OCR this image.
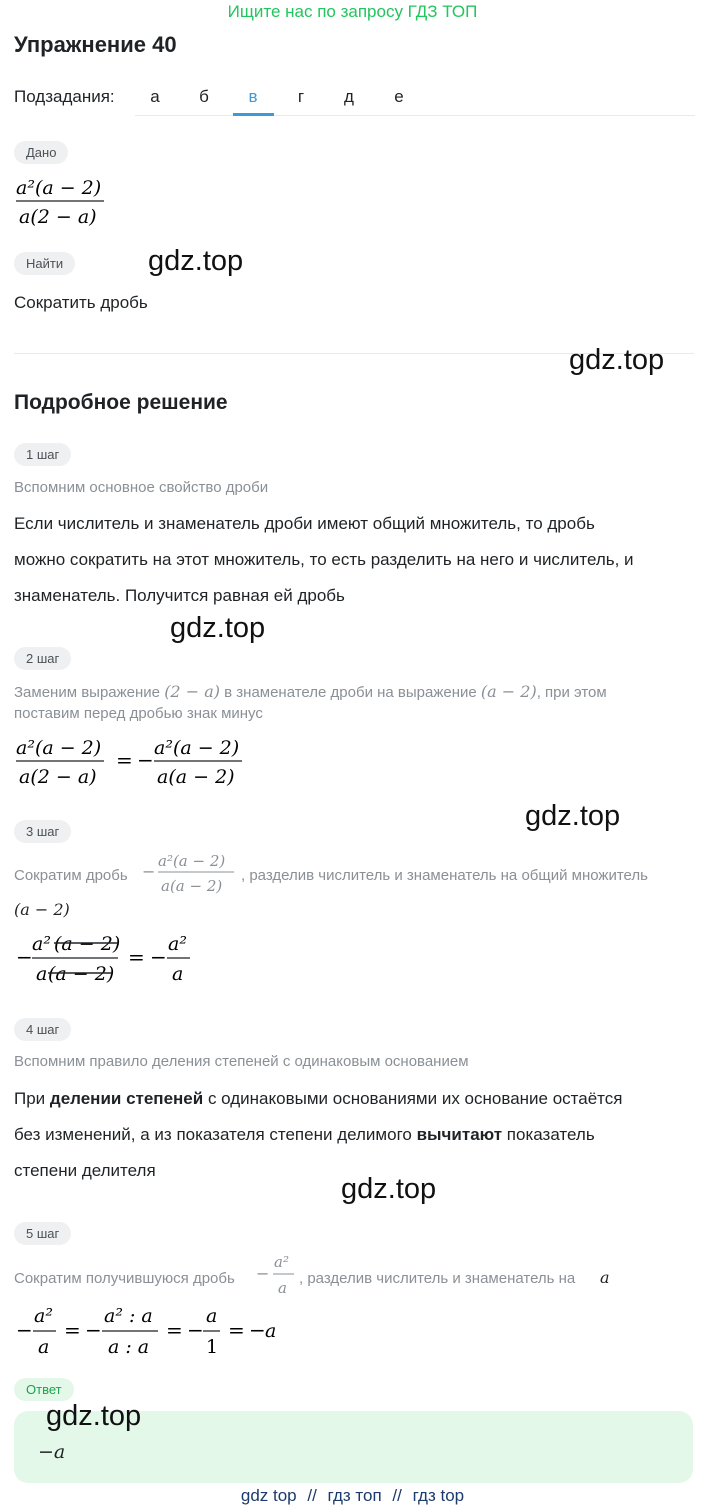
Ищите нас по запросу ГДЗ ТОП
Упражнение 40
Подзадания:	а	б	в	г	д	е
Дано
a²(a − 2)
a(2 − a)
Найти
Сократить дробь
gdz.top
gdz.top
Подробное решение
1 шаг
Вспомним основное свойство дроби
Если числитель и знаменатель дроби имеют общий множитель, то дробь
можно сократить на этот множитель, то есть разделить на него и числитель, и
знаменатель. Получится равная ей дробь
gdz.top
2 шаг
Заменим выражение (2 − a) в знаменателе дроби на выражение (a − 2), при этом
поставим перед дробью знак минус
a²(a − 2)
a(2 − a)
= − a²(a − 2)
a(a − 2)
gdz.top
3 шаг
Сократим дробь −
a²(a − 2)
a(a − 2)
, разделив числитель и знаменатель на общий множитель
(a − 2)
−
a² (a − 2)
a (a − 2)
= −
a²
a
4 шаг
Вспомним правило деления степеней с одинаковым основанием
При делении степеней с одинаковыми основаниями их основание остаётся
без изменений, а из показателя степени делимого вычитают показатель
степени делителя
gdz.top
5 шаг
Сократим получившуюся дробь −
a²
a
, разделив числитель и знаменатель на a
−
a²
a
= −
a² : a
a : a
= −
a
1
= − a
Ответ
gdz.top
−a
gdz top // гдз топ // гдз top
